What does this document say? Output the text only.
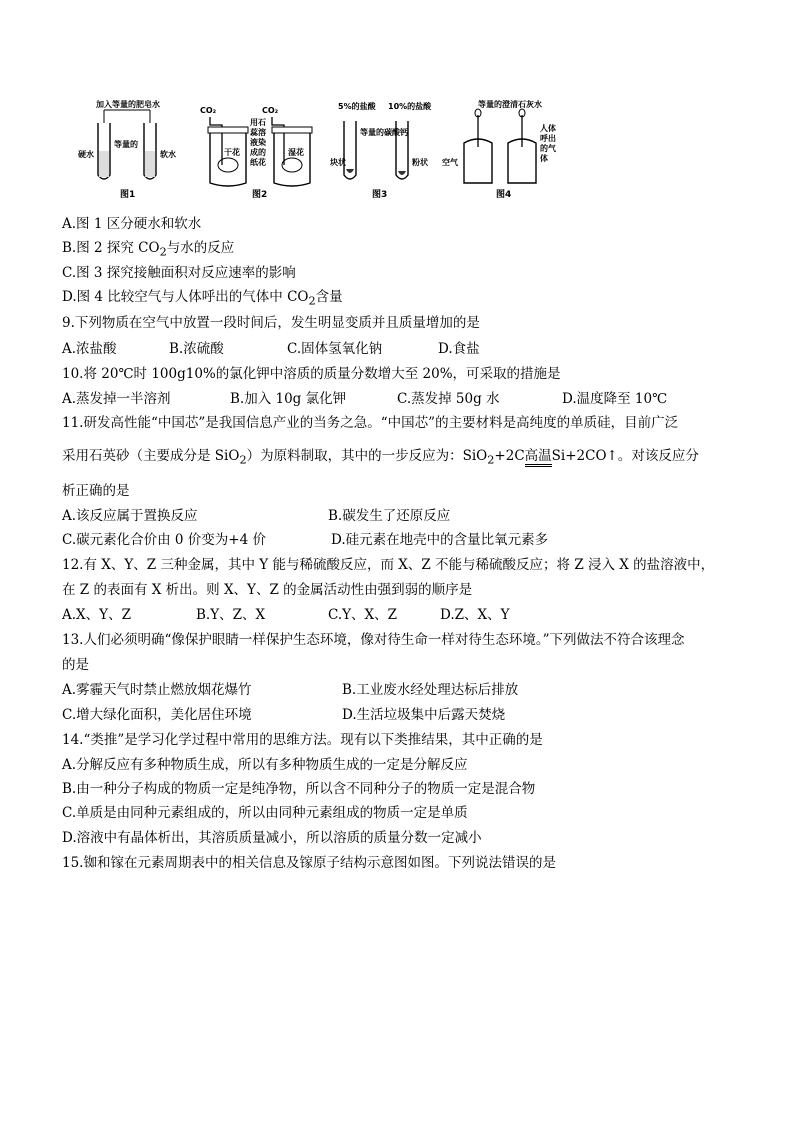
加入等量的肥皂水
硬水
等量的
软水
图1
CO₂	CO₂
干花	湿花
用石
蕊溶
液染
成的
纸花
图2
5%的盐酸 10%的盐酸
等量的碳酸钙
块状	粉状
图3
等量的澄清石灰水
空气
人体
呼出
的气
体
图4
A.图 1 区分硬水和软水
B.图 2 探究 $CO_2$与水的反应
C.图 3 探究接触面积对反应速率的影响
D.图 4 比较空气与人体呼出的气体中 $CO_2$含量
9.下列物质在空气中放置一段时间后，发生明显变质并且质量增加的是
A.浓盐酸	B.浓硫酸	C.固体氢氧化钠	D.食盐
10.将 20℃时 100g10%的氯化钾中溶质的质量分数增大至 20%，可采取的措施是
A.蒸发掉一半溶剂	B.加入 10g 氯化钾	C.蒸发掉 50g 水	D.温度降至 10℃
11.研发高性能“中国芯”是我国信息产业的当务之急。“中国芯”的主要材料是高纯度的单质硅，目前广泛
采用石英砂（主要成分是 SiO$_2$）为原料制取，其中的一步反应为：SiO$_2$+2C高温Si+2CO↑。对该反应分
析正确的是
A.该反应属于置换反应	B.碳发生了还原反应
C.碳元素化合价由 0 价变为+4 价	D.硅元素在地壳中的含量比氧元素多
12.有 X、Y、Z 三种金属，其中 Y 能与稀硫酸反应，而 X、Z 不能与稀硫酸反应；将 Z 浸入 X 的盐溶液中，
在 Z 的表面有 X 析出。则 X、Y、Z 的金属活动性由强到弱的顺序是
A.X、Y、Z	B.Y、Z、X	C.Y、X、Z	D.Z、X、Y
13.人们必须明确“像保护眼睛一样保护生态环境，像对待生命一样对待生态环境。”下列做法不符合该理念
的是
A.雾霾天气时禁止燃放烟花爆竹	B.工业废水经处理达标后排放
C.增大绿化面积，美化居住环境	D.生活垃圾集中后露天焚烧
14.“类推”是学习化学过程中常用的思维方法。现有以下类推结果，其中正确的是
A.分解反应有多种物质生成，所以有多种物质生成的一定是分解反应
B.由一种分子构成的物质一定是纯净物，所以含不同种分子的物质一定是混合物
C.单质是由同种元素组成的，所以由同种元素组成的物质一定是单质
D.溶液中有晶体析出，其溶质质量减小，所以溶质的质量分数一定减小
15.铷和镓在元素周期表中的相关信息及镓原子结构示意图如图。下列说法错误的是
